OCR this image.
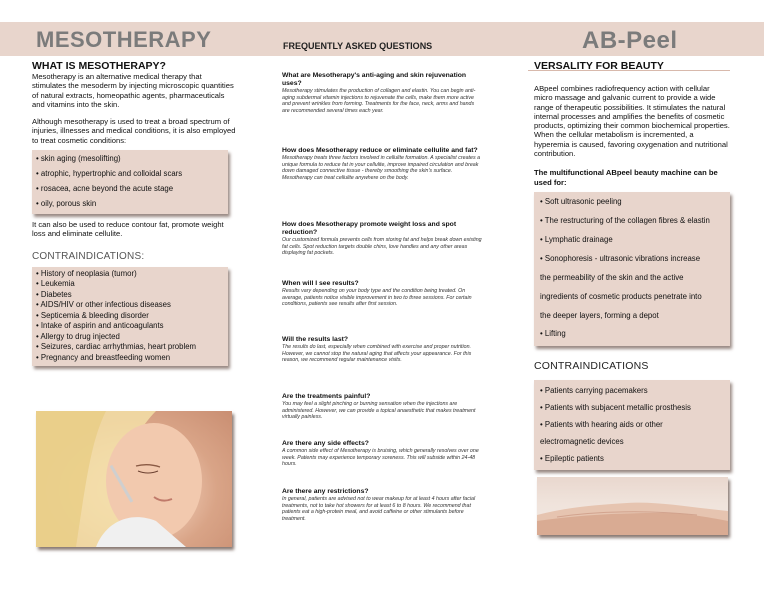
MESOTHERAPY	FREQUENTLY ASKED QUESTIONS	AB-Peel
WHAT IS MESOTHERAPY?
Mesotherapy is an alternative medical therapy that stimulates the mesoderm by injecting microscopic quantities of natural extracts, homeopathic agents, pharmaceuticals and vitamins into the skin.
Although mesotherapy is used to treat a broad spectrum of injuries, illnesses and medical conditions, it is also employed to treat cosmetic conditions:
• skin aging (mesolifting)
• atrophic, hypertrophic and colloidal scars
• rosacea, acne beyond the acute stage
• oily, porous skin
It can also be used to reduce contour fat, promote weight
loss and eliminate cellulite.
CONTRAINDICATIONS:
• History of neoplasia (tumor)
• Leukemia
• Diabetes
• AIDS/HIV or other infectious diseases
• Septicemia & bleeding disorder
• Intake of aspirin and anticoagulants
• Allergy to drug injected
• Seizures, cardiac arrhythmias, heart problem
• Pregnancy and breastfeeding women
What are Mesotherapy's anti-aging and skin rejuvenation uses?
Mesotherapy stimulates the production of collagen and elastin. You can begin anti-aging subdermal vitamin injections to rejuvenate the cells, make them more active and prevent wrinkles from forming. Treatments for the face, neck, arms and hands are recommended several times each year.
How does Mesotherapy reduce or eliminate cellulite and fat?
Mesotherapy treats three factors involved in cellulite formation. A specialist creates a unique formula to reduce fat in your cellulite, improve impaired circulation and break down damaged connective tissue - thereby smoothing the skin's surface. Mesotherapy can treat cellulite anywhere on the body.
How does Mesotherapy promote weight loss and spot reduction?
Our customized formula prevents cells from storing fat and helps break down existing fat cells. Spot reduction targets double chins, love handles and any other areas displaying fat pockets.
When will I see results?
Results vary depending on your body type and the condition being treated. On average, patients notice visible improvement in two to three sessions. For certain conditions, patients see results after first session.
Will the results last?
The results do last, especially when combined with exercise and proper nutrition. However, we cannot stop the natural aging that affects your appearance. For this reason, we recommend regular maintenance visits.
Are the treatments painful?
You may feel a slight pinching or burning sensation when the injections are administered. However, we can provide a topical anaesthetic that makes treatment virtually painless.
Are there any side effects?
A common side effect of Mesotherapy is bruising, which generally resolves over one week. Patients may experience temporary soreness. This will subside within 24-48 hours.
Are there any restrictions?
In general, patients are advised not to wear makeup for at least 4 hours after facial treatments, not to take hot showers for at least 6 to 8 hours. We recommend that patients eat a high-protein meal, and avoid caffeine or other stimulants before treatment.
VERSALITY FOR BEAUTY
ABpeel combines radiofrequency action with cellular micro massage and galvanic current to provide a wide range of therapeutic possibilities. It stimulates the natural internal processes and amplifies the benefits of cosmetic products, optimizing their common biochemical properties. When the cellular metabolism is incremented, a hyperemia is caused, favoring oxygenation and nutritional contribution.
The multifunctional ABpeel beauty machine can be used for:
• Soft ultrasonic peeling
• The restructuring of the collagen fibres & elastin
• Lymphatic drainage
• Sonophoresis - ultrasonic vibrations increase
the permeability of the skin and the active
ingredients of cosmetic products penetrate into
the deeper layers, forming a depot
• Lifting
CONTRAINDICATIONS
• Patients carrying pacemakers
• Patients with subjacent metallic prosthesis
• Patients with hearing aids or other
electromagnetic devices
• Epileptic patients
